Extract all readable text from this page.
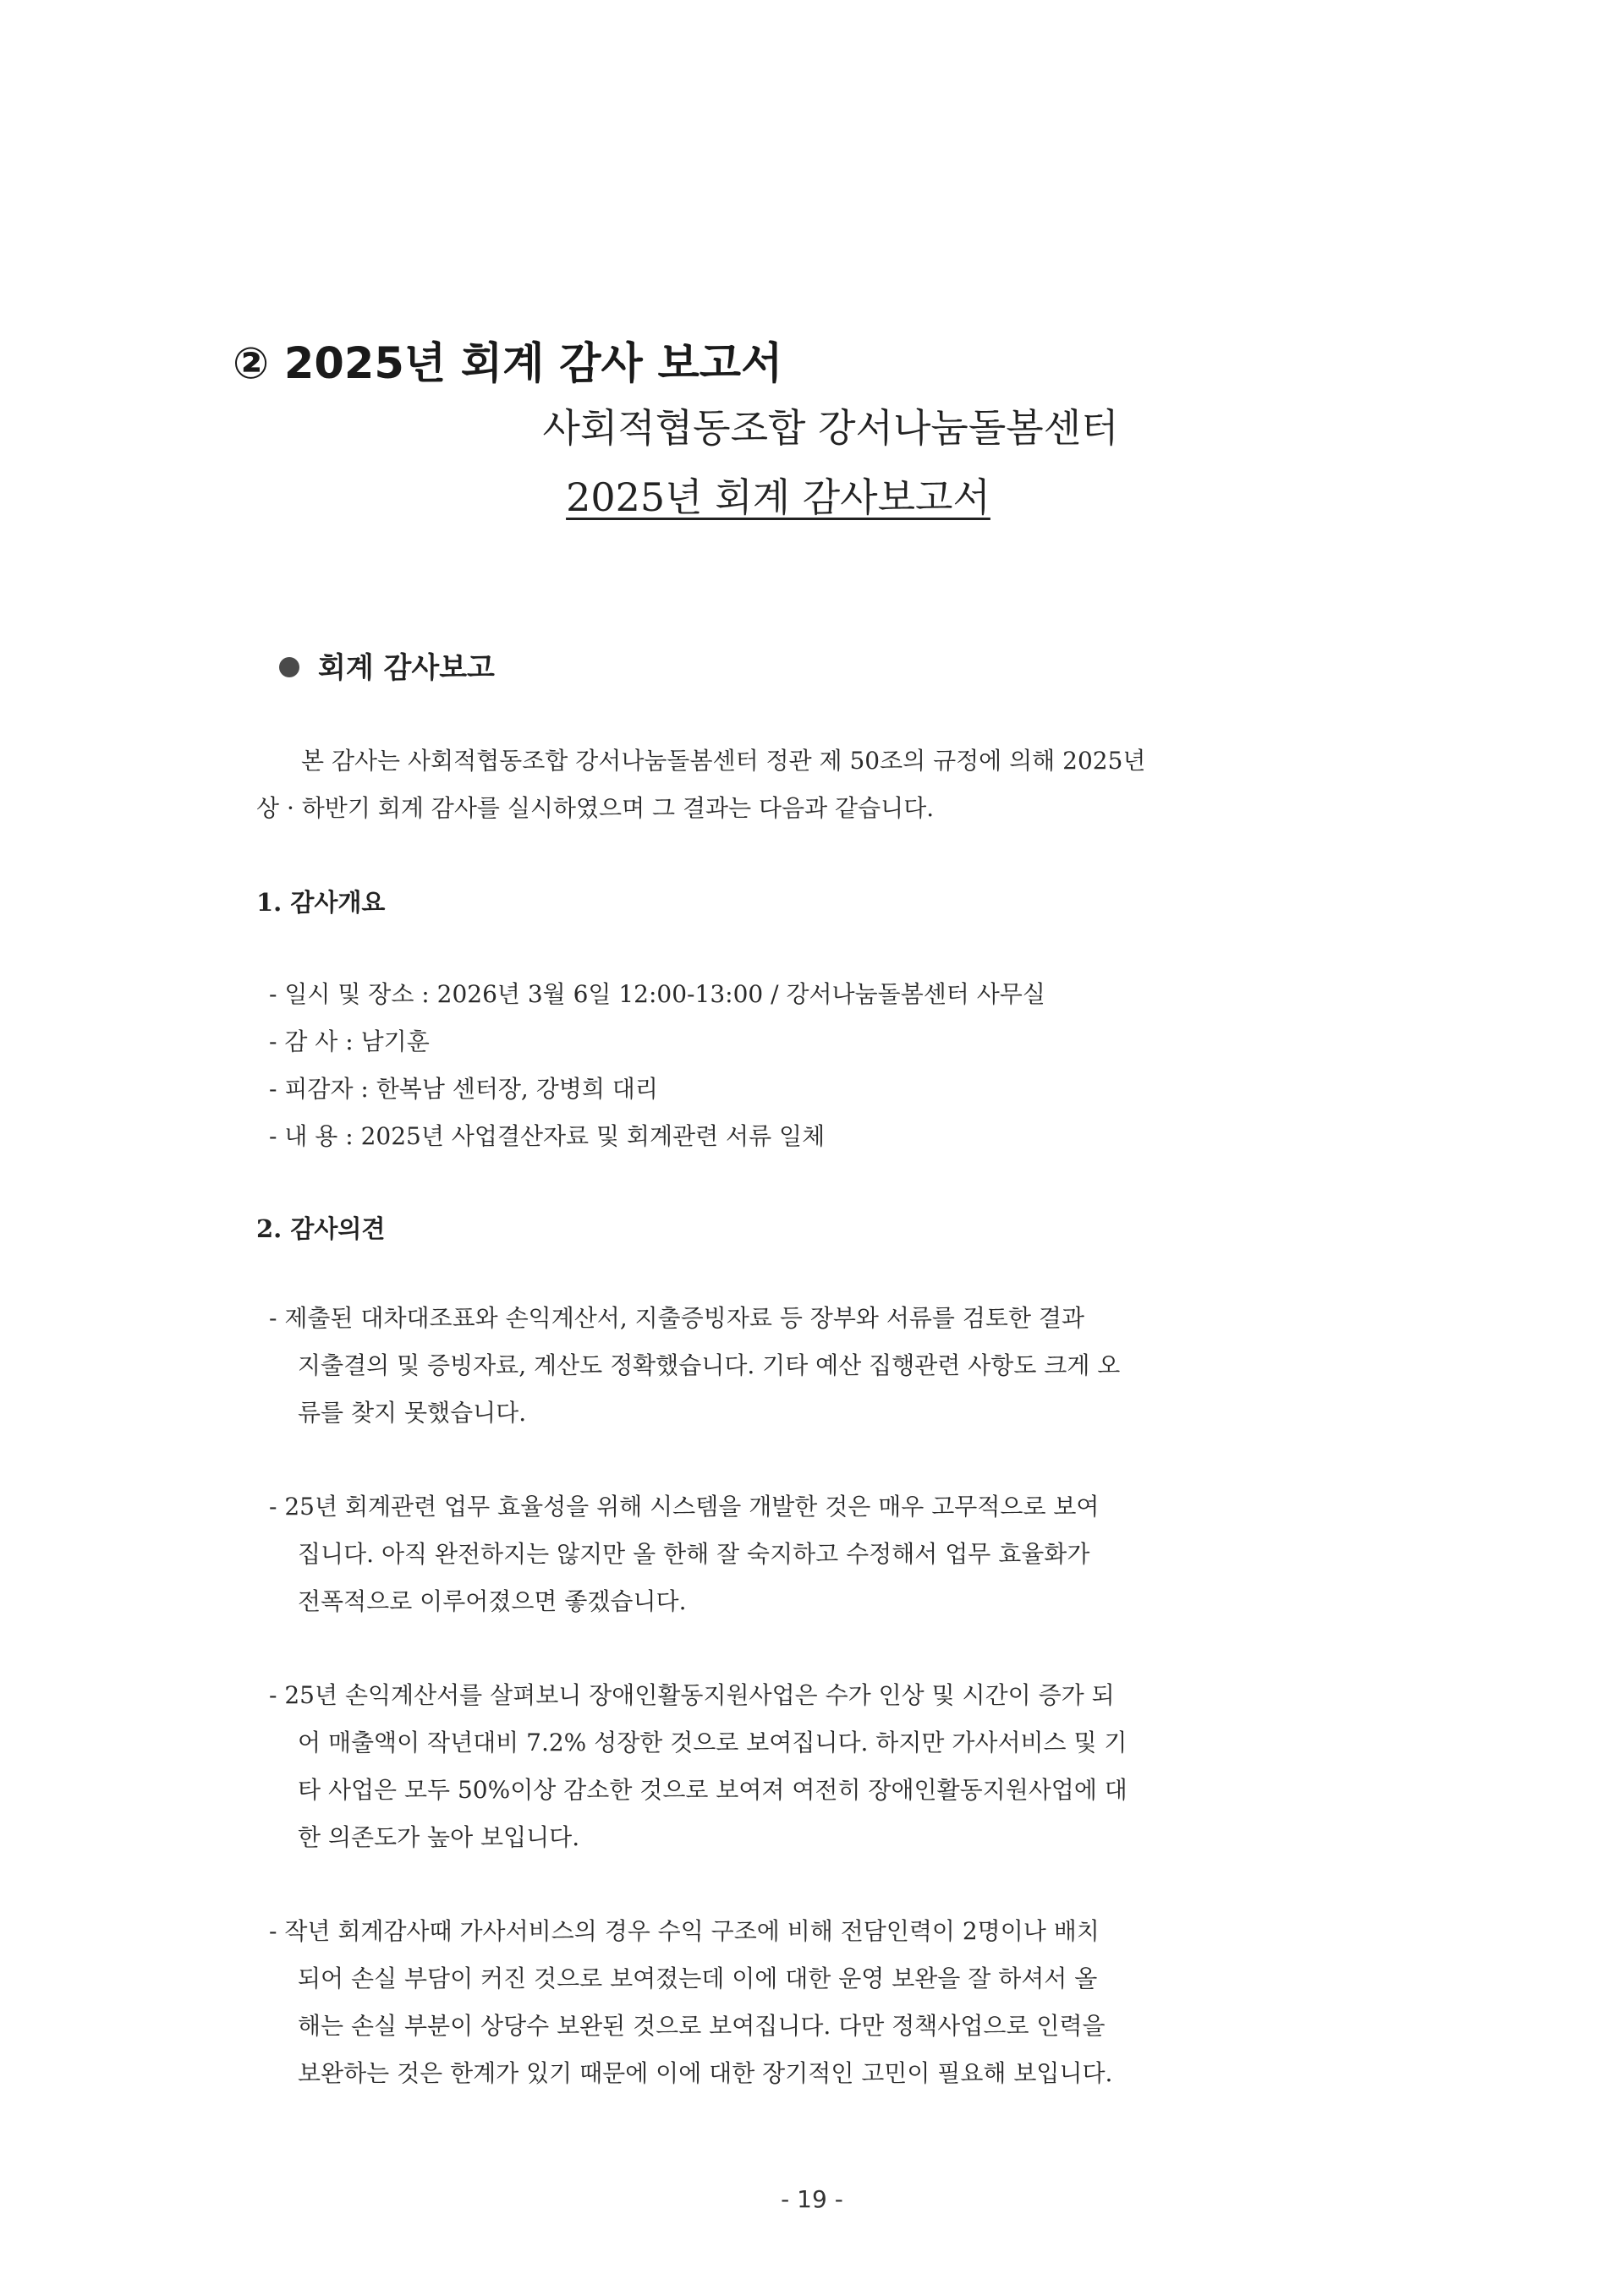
② 2025년 회계 감사 보고서
사회적협동조합 강서나눔돌봄센터
2025년 회계 감사보고서
회계 감사보고
본 감사는 사회적협동조합 강서나눔돌봄센터 정관 제 50조의 규정에 의해 2025년
상 · 하반기 회계 감사를 실시하였으며 그 결과는 다음과 같습니다.
1. 감사개요
- 일시 및 장소 : 2026년 3월 6일 12:00-13:00 / 강서나눔돌봄센터 사무실
- 감 사 : 남기훈
- 피감자 : 한복남 센터장, 강병희 대리
- 내 용 : 2025년 사업결산자료 및 회계관련 서류 일체
2. 감사의견
- 제출된 대차대조표와 손익계산서, 지출증빙자료 등 장부와 서류를 검토한 결과
지출결의 및 증빙자료, 계산도 정확했습니다. 기타 예산 집행관련 사항도 크게 오
류를 찾지 못했습니다.
- 25년 회계관련 업무 효율성을 위해 시스템을 개발한 것은 매우 고무적으로 보여
집니다. 아직 완전하지는 않지만 올 한해 잘 숙지하고 수정해서 업무 효율화가
전폭적으로 이루어졌으면 좋겠습니다.
- 25년 손익계산서를 살펴보니 장애인활동지원사업은 수가 인상 및 시간이 증가 되
어 매출액이 작년대비 7.2% 성장한 것으로 보여집니다. 하지만 가사서비스 및 기
타 사업은 모두 50%이상 감소한 것으로 보여져 여전히 장애인활동지원사업에 대
한 의존도가 높아 보입니다.
- 작년 회계감사때 가사서비스의 경우 수익 구조에 비해 전담인력이 2명이나 배치
되어 손실 부담이 커진 것으로 보여졌는데 이에 대한 운영 보완을 잘 하셔서 올
해는 손실 부분이 상당수 보완된 것으로 보여집니다. 다만 정책사업으로 인력을
보완하는 것은 한계가 있기 때문에 이에 대한 장기적인 고민이 필요해 보입니다.
- 19 -
